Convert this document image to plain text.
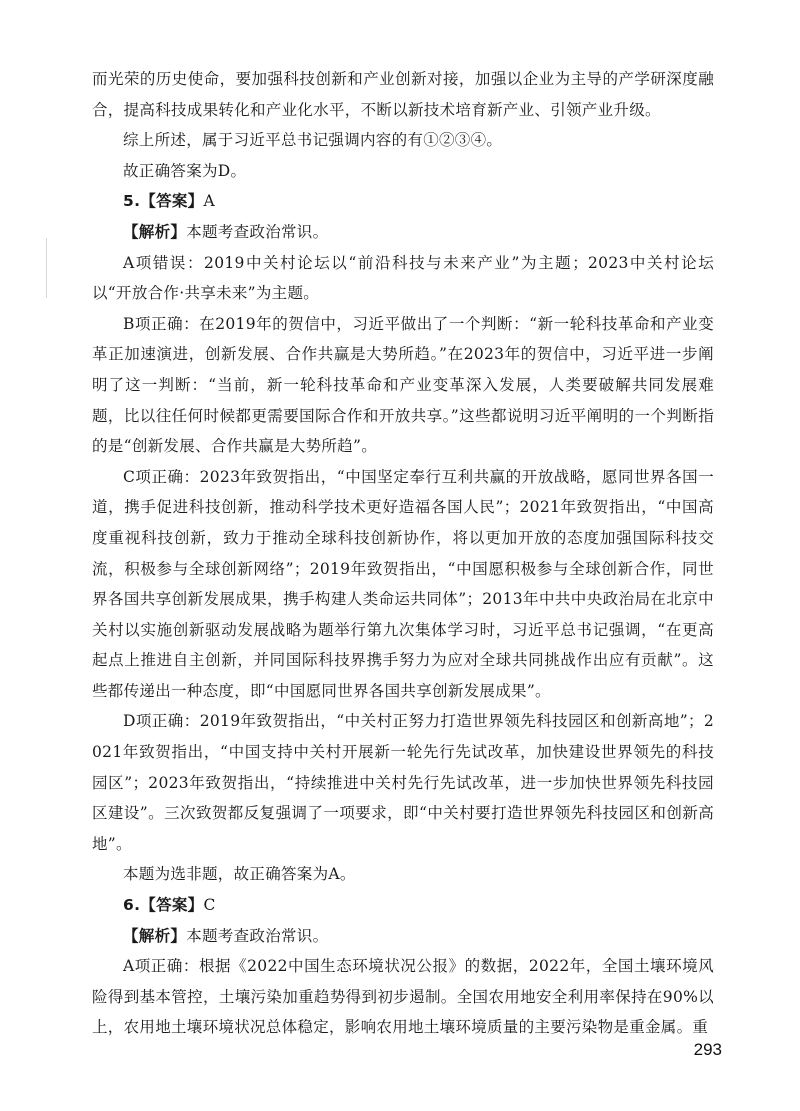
而光荣的历史使命，要加强科技创新和产业创新对接，加强以企业为主导的产学研深度融合，提高科技成果转化和产业化水平，不断以新技术培育新产业、引领产业升级。

综上所述，属于习近平总书记强调内容的有①②③④。

故正确答案为D。

5.【答案】A

【解析】本题考查政治常识。

A项错误：2019中关村论坛以“前沿科技与未来产业”为主题；2023中关村论坛以“开放合作·共享未来”为主题。

B项正确：在2019年的贺信中，习近平做出了一个判断：“新一轮科技革命和产业变革正加速演进，创新发展、合作共赢是大势所趋。”在2023年的贺信中，习近平进一步阐明了这一判断：“当前，新一轮科技革命和产业变革深入发展，人类要破解共同发展难题，比以往任何时候都更需要国际合作和开放共享。”这些都说明习近平阐明的一个判断指的是“创新发展、合作共赢是大势所趋”。

C项正确：2023年致贺指出，“中国坚定奉行互利共赢的开放战略，愿同世界各国一道，携手促进科技创新，推动科学技术更好造福各国人民”；2021年致贺指出，“中国高度重视科技创新，致力于推动全球科技创新协作，将以更加开放的态度加强国际科技交流，积极参与全球创新网络”；2019年致贺指出，“中国愿积极参与全球创新合作，同世界各国共享创新发展成果，携手构建人类命运共同体”；2013年中共中央政治局在北京中关村以实施创新驱动发展战略为题举行第九次集体学习时，习近平总书记强调，“在更高起点上推进自主创新，并同国际科技界携手努力为应对全球共同挑战作出应有贡献”。这些都传递出一种态度，即“中国愿同世界各国共享创新发展成果”。

D项正确：2019年致贺指出，“中关村正努力打造世界领先科技园区和创新高地”；2021年致贺指出，“中国支持中关村开展新一轮先行先试改革，加快建设世界领先的科技园区”；2023年致贺指出，“持续推进中关村先行先试改革，进一步加快世界领先科技园区建设”。三次致贺都反复强调了一项要求，即“中关村要打造世界领先科技园区和创新高地”。

本题为选非题，故正确答案为A。

6.【答案】C

【解析】本题考查政治常识。

A项正确：根据《2022中国生态环境状况公报》的数据，2022年，全国土壤环境风险得到基本管控，土壤污染加重趋势得到初步遏制。全国农用地安全利用率保持在90%以上，农用地土壤环境状况总体稳定，影响农用地土壤环境质量的主要污染物是重金属。重

293
